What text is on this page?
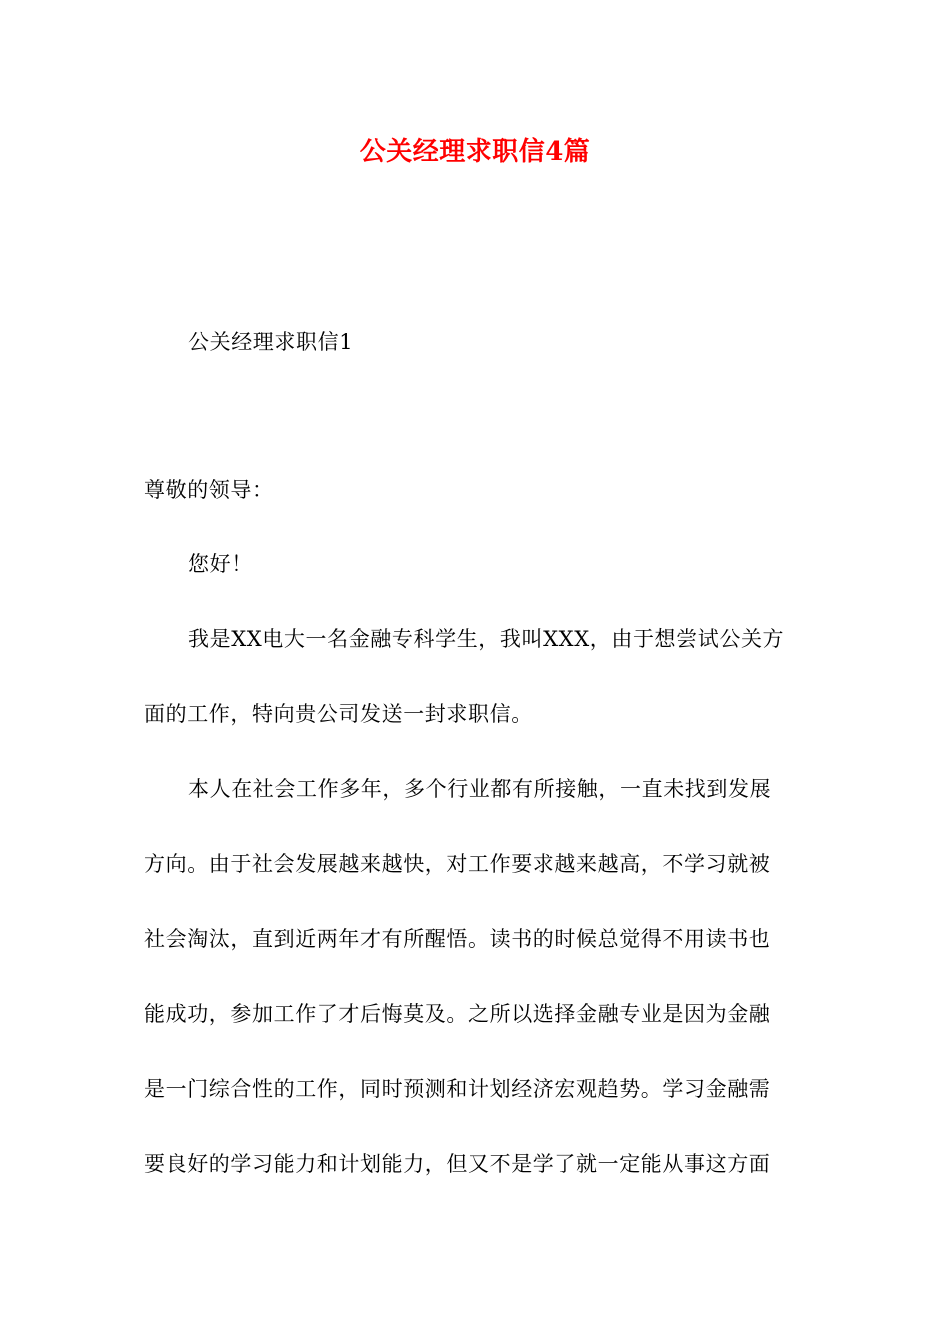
公关经理求职信4篇
公关经理求职信1
尊敬的领导：
您好！
我是XX电大一名金融专科学生，我叫XXX，由于想尝试公关方
面的工作，特向贵公司发送一封求职信。
本人在社会工作多年，多个行业都有所接触，一直未找到发展
方向。由于社会发展越来越快，对工作要求越来越高，不学习就被
社会淘汰，直到近两年才有所醒悟。读书的时候总觉得不用读书也
能成功，参加工作了才后悔莫及。之所以选择金融专业是因为金融
是一门综合性的工作，同时预测和计划经济宏观趋势。学习金融需
要良好的学习能力和计划能力，但又不是学了就一定能从事这方面
